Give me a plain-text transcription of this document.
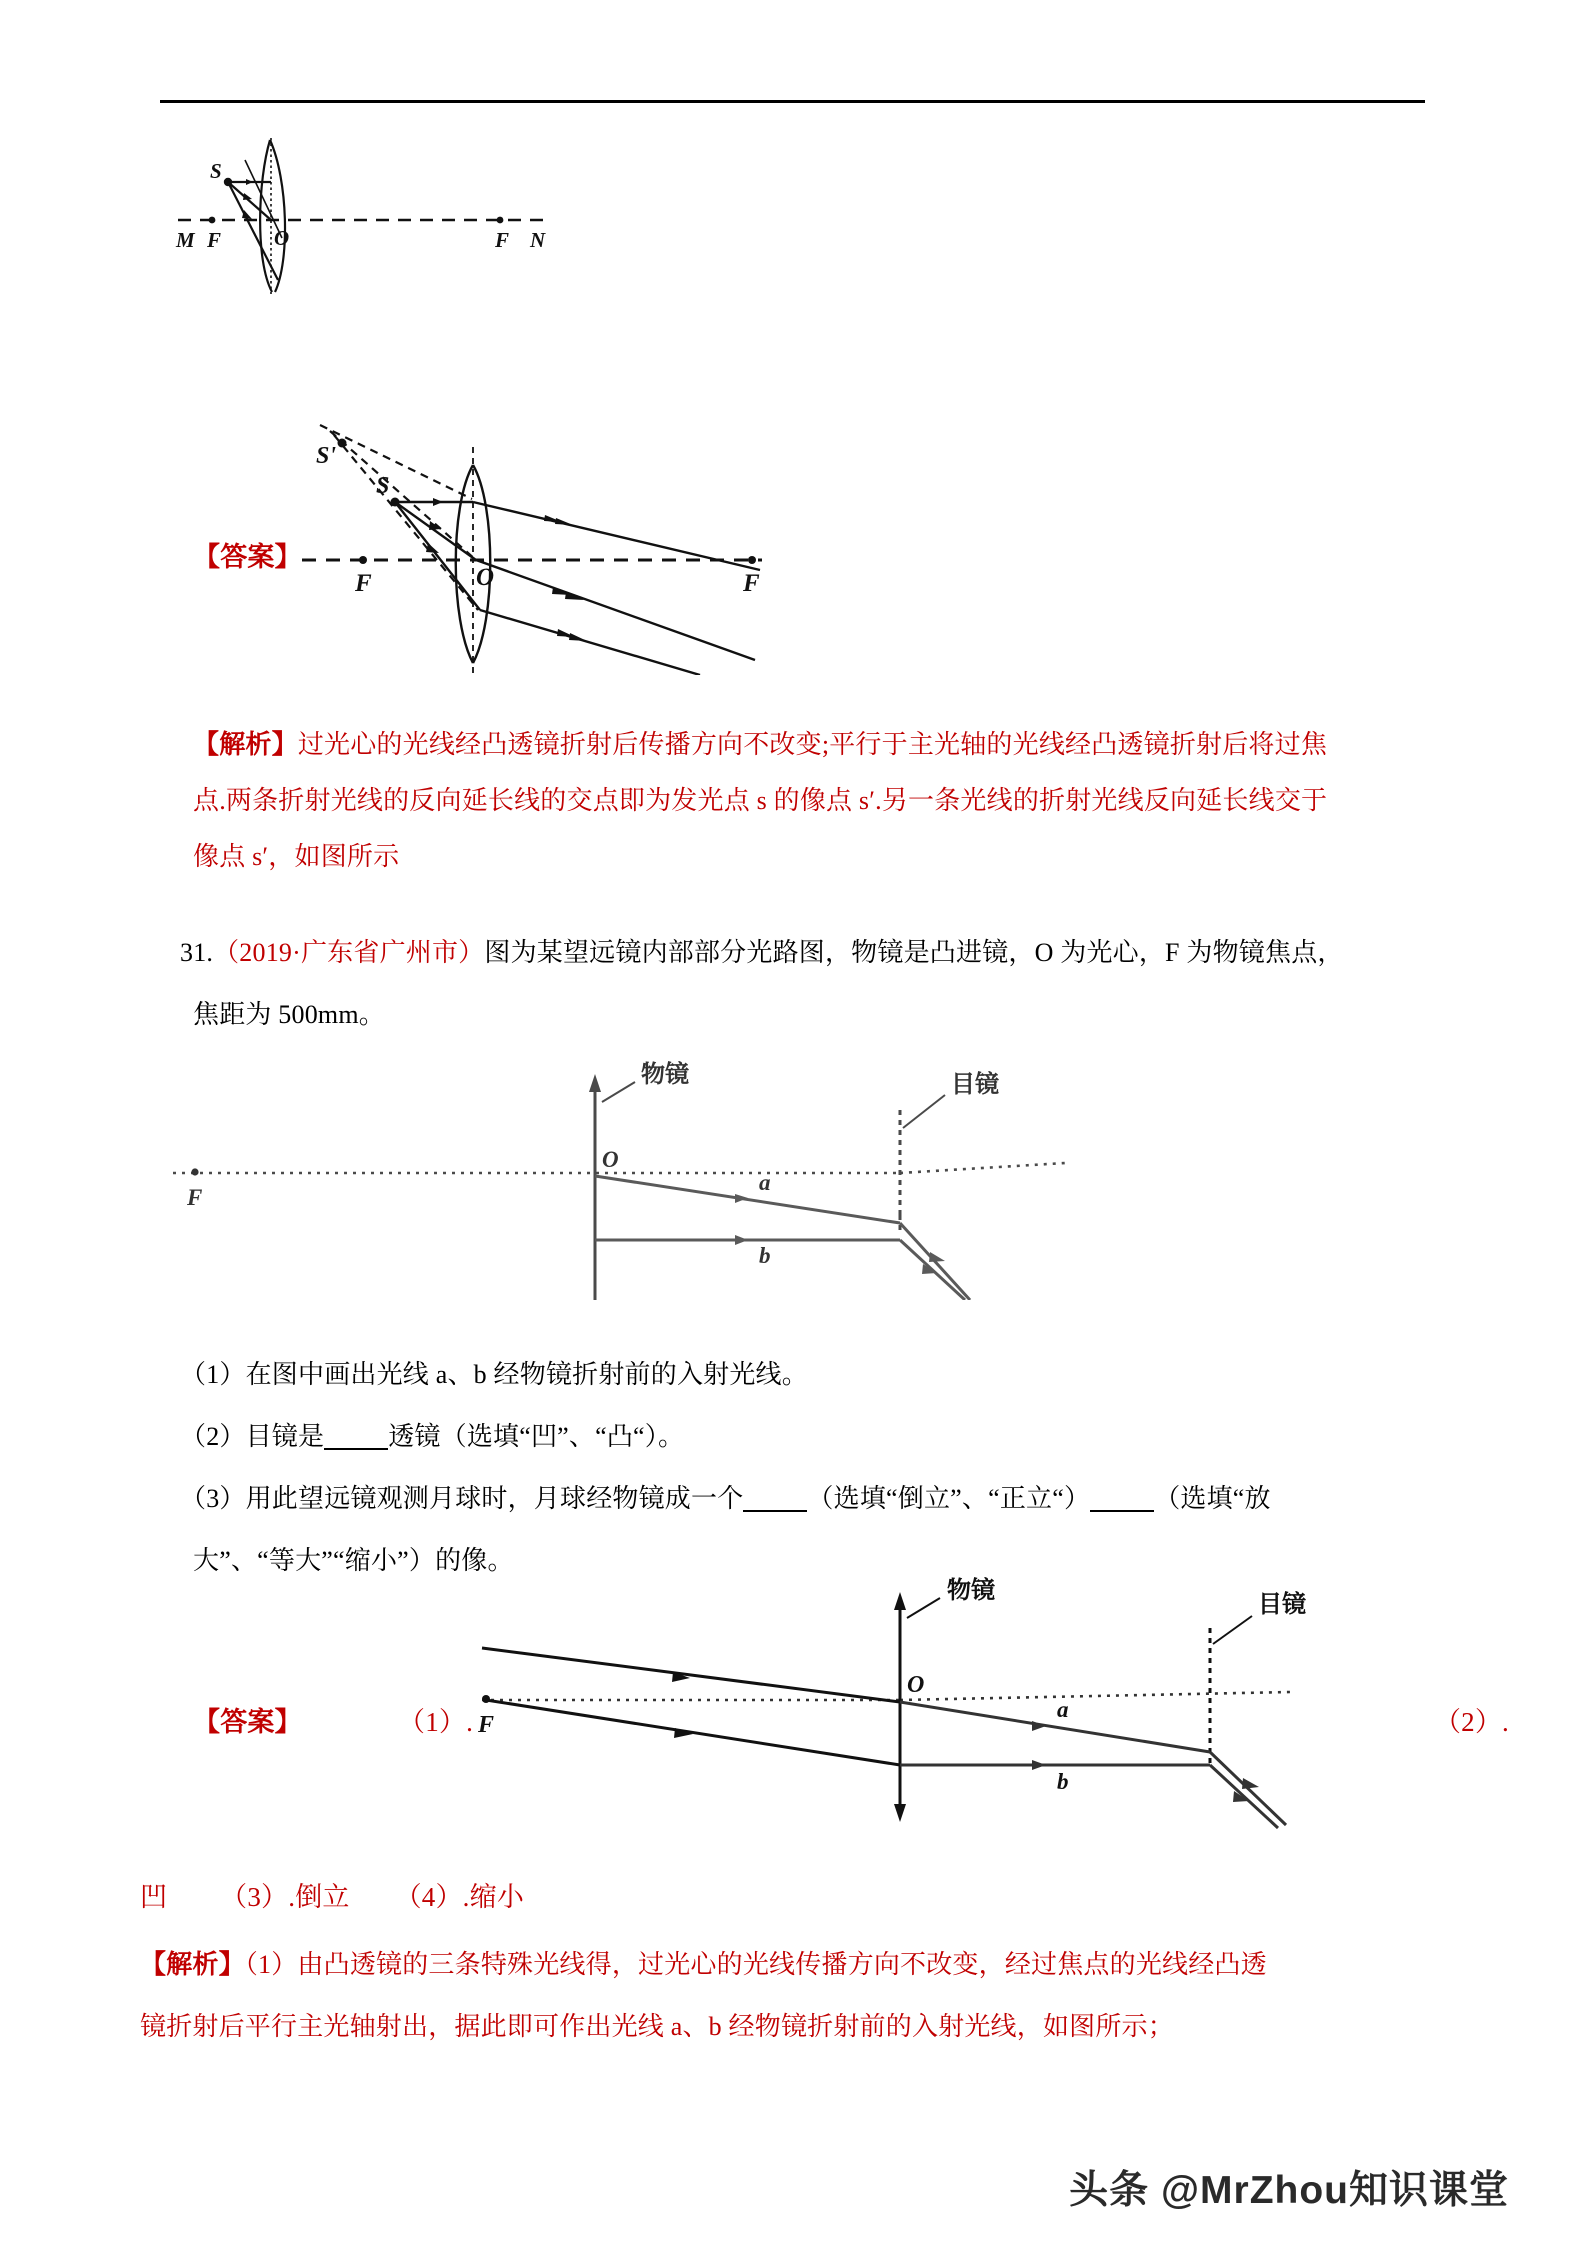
S
M F	O	F N
【答案】
S'
S
F	O	F
【解析】过光心的光线经凸透镜折射后传播方向不改变;平行于主光轴的光线经凸透镜折射后将过焦
点.两条折射光线的反向延长线的交点即为发光点 s 的像点 s′.另一条光线的折射光线反向延长线交于
像点 s′，如图所示
31.（2019·广东省广州市）图为某望远镜内部部分光路图，物镜是凸进镜，O 为光心，F 为物镜焦点，
焦距为 500mm。
F
物镜
O
目镜
a
b
（1）在图中画出光线 a、b 经物镜折射前的入射光线。
（2）目镜是 透镜（选填“凹”、“凸“）。
（3）用此望远镜观测月球时，月球经物镜成一个 （选填“倒立”、“正立“） （选填“放
大”、“等大”“缩小”）的像。
【答案】	（1）.	（2）.
F
物镜
O
目镜
a
b
凹 （3）.倒立 （4）.缩小
【解析】（1）由凸透镜的三条特殊光线得，过光心的光线传播方向不改变，经过焦点的光线经凸透
镜折射后平行主光轴射出，据此即可作出光线 a、b 经物镜折射前的入射光线，如图所示；
头条 @MrZhou知识课堂
